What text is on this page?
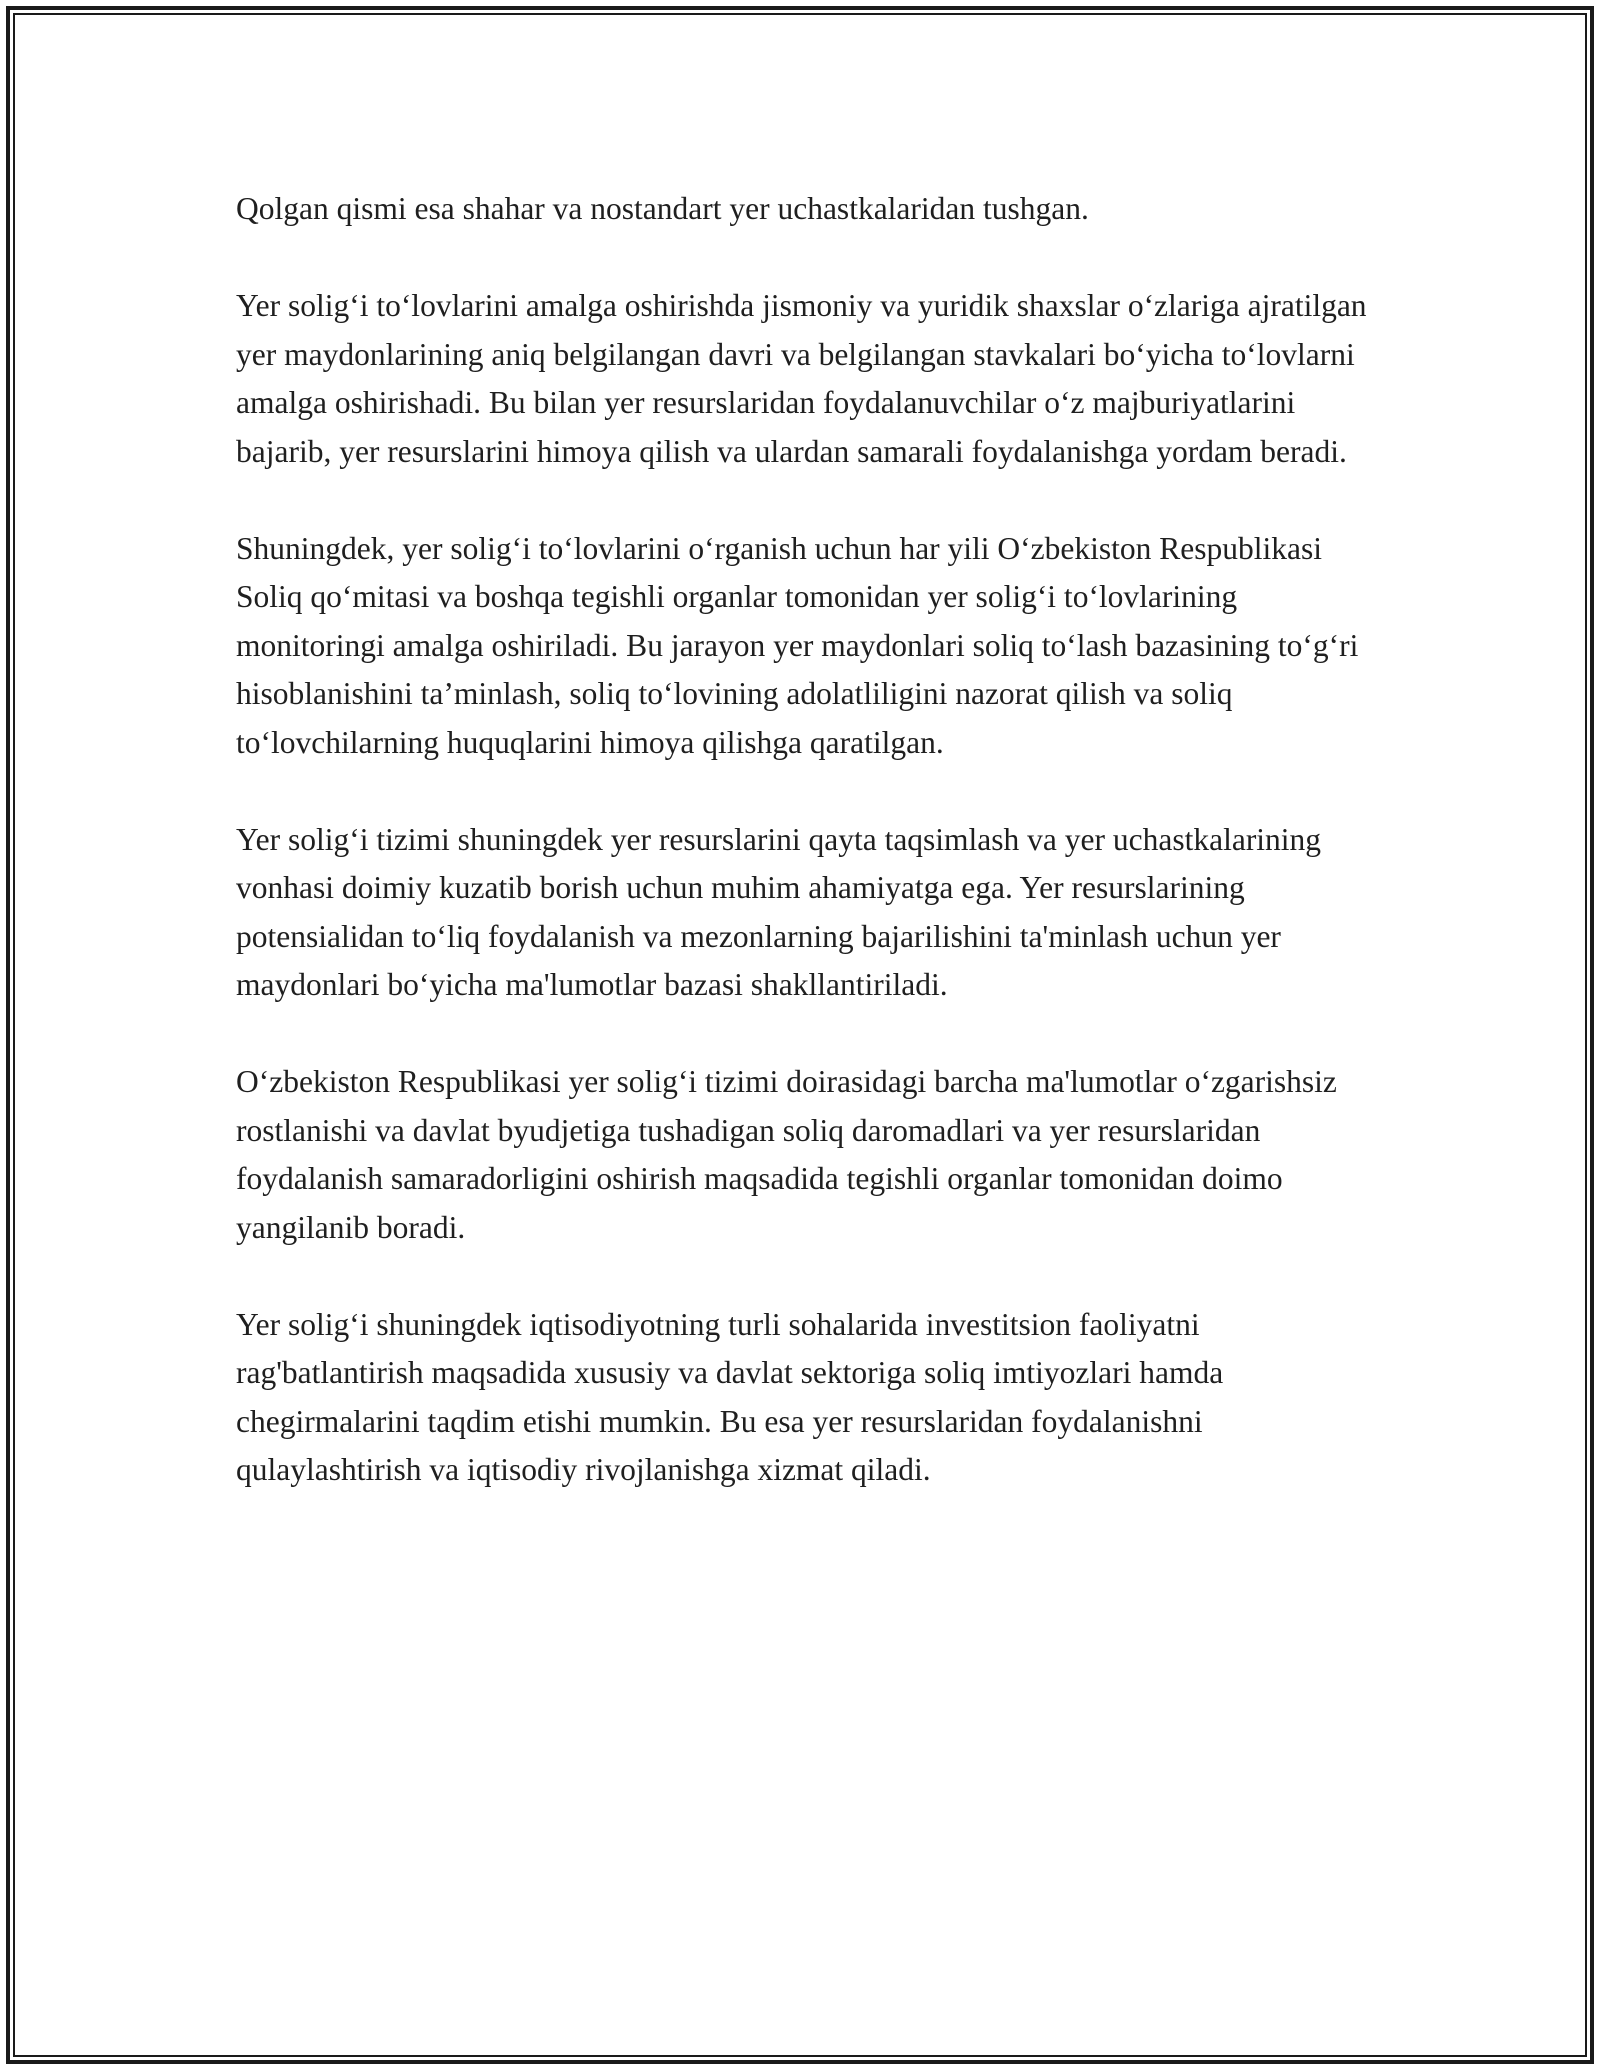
Qolgan qismi esa shahar va nostandart yer uchastkalaridan tushgan.

Yer solig‘i to‘lovlarini amalga oshirishda jismoniy va yuridik shaxslar o‘zlariga ajratilgan yer maydonlarining aniq belgilangan davri va belgilangan stavkalari bo‘yicha to‘lovlarni amalga oshirishadi. Bu bilan yer resurslaridan foydalanuvchilar o‘z majburiyatlarini bajarib, yer resurslarini himoya qilish va ulardan samarali foydalanishga yordam beradi.

Shuningdek, yer solig‘i to‘lovlarini o‘rganish uchun har yili O‘zbekiston Respublikasi Soliq qo‘mitasi va boshqa tegishli organlar tomonidan yer solig‘i to‘lovlarining monitoringi amalga oshiriladi. Bu jarayon yer maydonlari soliq to‘lash bazasining to‘g‘ri hisoblanishini ta’minlash, soliq to‘lovining adolatliligini nazorat qilish va soliq to‘lovchilarning huquqlarini himoya qilishga qaratilgan.

Yer solig‘i tizimi shuningdek yer resurslarini qayta taqsimlash va yer uchastkalarining vonhasi doimiy kuzatib borish uchun muhim ahamiyatga ega. Yer resurslarining potensialidan to‘liq foydalanish va mezonlarning bajarilishini ta'minlash uchun yer maydonlari bo‘yicha ma'lumotlar bazasi shakllantiriladi.

O‘zbekiston Respublikasi yer solig‘i tizimi doirasidagi barcha ma'lumotlar o‘zgarishsiz rostlanishi va davlat byudjetiga tushadigan soliq daromadlari va yer resurslaridan foydalanish samaradorligini oshirish maqsadida tegishli organlar tomonidan doimo yangilanib boradi.

Yer solig‘i shuningdek iqtisodiyotning turli sohalarida investitsion faoliyatni rag'batlantirish maqsadida xususiy va davlat sektoriga soliq imtiyozlari hamda chegirmalarini taqdim etishi mumkin. Bu esa yer resurslaridan foydalanishni qulaylashtirish va iqtisodiy rivojlanishga xizmat qiladi.
